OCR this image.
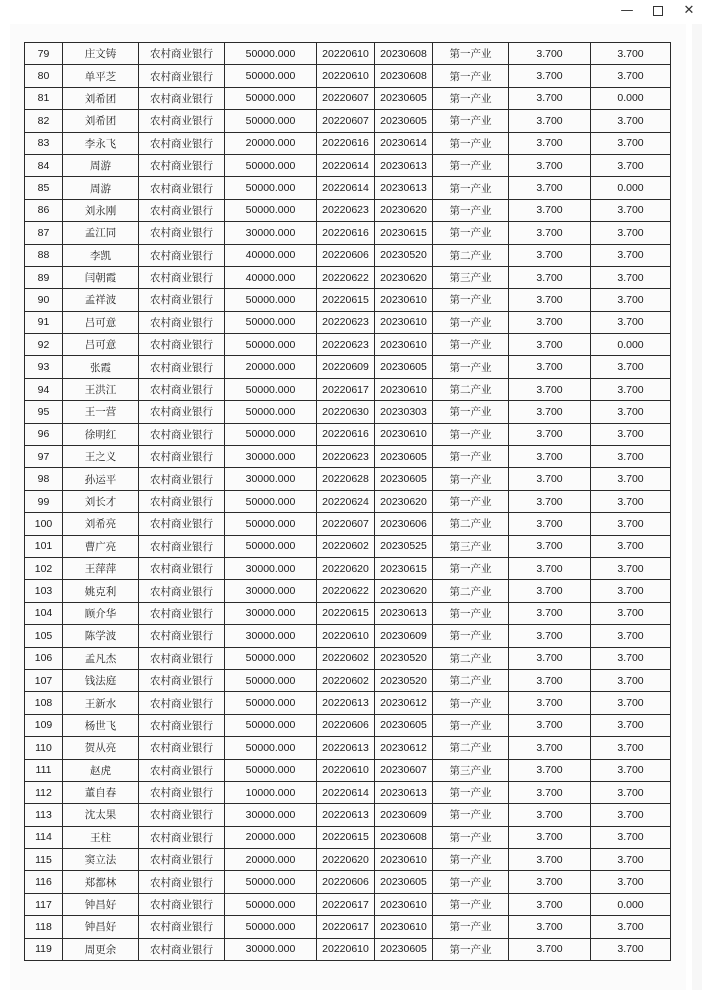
—	✕
79	庄文铸	农村商业银行	50000.000	20220610	20230608	第一产业	3.700	3.700
80	单平芝	农村商业银行	50000.000	20220610	20230608	第一产业	3.700	3.700
81	刘希团	农村商业银行	50000.000	20220607	20230605	第一产业	3.700	0.000
82	刘希团	农村商业银行	50000.000	20220607	20230605	第一产业	3.700	3.700
83	李永飞	农村商业银行	20000.000	20220616	20230614	第一产业	3.700	3.700
84	周游	农村商业银行	50000.000	20220614	20230613	第一产业	3.700	3.700
85	周游	农村商业银行	50000.000	20220614	20230613	第一产业	3.700	0.000
86	刘永刚	农村商业银行	50000.000	20220623	20230620	第一产业	3.700	3.700
87	孟江同	农村商业银行	30000.000	20220616	20230615	第一产业	3.700	3.700
88	李凯	农村商业银行	40000.000	20220606	20230520	第二产业	3.700	3.700
89	闫朝霞	农村商业银行	40000.000	20220622	20230620	第三产业	3.700	3.700
90	孟祥波	农村商业银行	50000.000	20220615	20230610	第一产业	3.700	3.700
91	吕可意	农村商业银行	50000.000	20220623	20230610	第一产业	3.700	3.700
92	吕可意	农村商业银行	50000.000	20220623	20230610	第一产业	3.700	0.000
93	张霞	农村商业银行	20000.000	20220609	20230605	第一产业	3.700	3.700
94	王洪江	农村商业银行	50000.000	20220617	20230610	第二产业	3.700	3.700
95	王一营	农村商业银行	50000.000	20220630	20230303	第一产业	3.700	3.700
96	徐明红	农村商业银行	50000.000	20220616	20230610	第一产业	3.700	3.700
97	王之义	农村商业银行	30000.000	20220623	20230605	第一产业	3.700	3.700
98	孙运平	农村商业银行	30000.000	20220628	20230605	第一产业	3.700	3.700
99	刘长才	农村商业银行	50000.000	20220624	20230620	第一产业	3.700	3.700
100	刘希亮	农村商业银行	50000.000	20220607	20230606	第二产业	3.700	3.700
101	曹广亮	农村商业银行	50000.000	20220602	20230525	第三产业	3.700	3.700
102	王萍萍	农村商业银行	30000.000	20220620	20230615	第一产业	3.700	3.700
103	姚克利	农村商业银行	30000.000	20220622	20230620	第二产业	3.700	3.700
104	顾介华	农村商业银行	30000.000	20220615	20230613	第一产业	3.700	3.700
105	陈学波	农村商业银行	30000.000	20220610	20230609	第一产业	3.700	3.700
106	孟凡杰	农村商业银行	50000.000	20220602	20230520	第二产业	3.700	3.700
107	钱法庭	农村商业银行	50000.000	20220602	20230520	第二产业	3.700	3.700
108	王新水	农村商业银行	50000.000	20220613	20230612	第一产业	3.700	3.700
109	杨世飞	农村商业银行	50000.000	20220606	20230605	第一产业	3.700	3.700
110	贺从亮	农村商业银行	50000.000	20220613	20230612	第二产业	3.700	3.700
111	赵虎	农村商业银行	50000.000	20220610	20230607	第三产业	3.700	3.700
112	董自春	农村商业银行	10000.000	20220614	20230613	第一产业	3.700	3.700
113	沈太果	农村商业银行	30000.000	20220613	20230609	第一产业	3.700	3.700
114	王柱	农村商业银行	20000.000	20220615	20230608	第一产业	3.700	3.700
115	窦立法	农村商业银行	20000.000	20220620	20230610	第一产业	3.700	3.700
116	郑都林	农村商业银行	50000.000	20220606	20230605	第一产业	3.700	3.700
117	钟昌好	农村商业银行	50000.000	20220617	20230610	第一产业	3.700	0.000
118	钟昌好	农村商业银行	50000.000	20220617	20230610	第一产业	3.700	3.700
119	周更余	农村商业银行	30000.000	20220610	20230605	第一产业	3.700	3.700
